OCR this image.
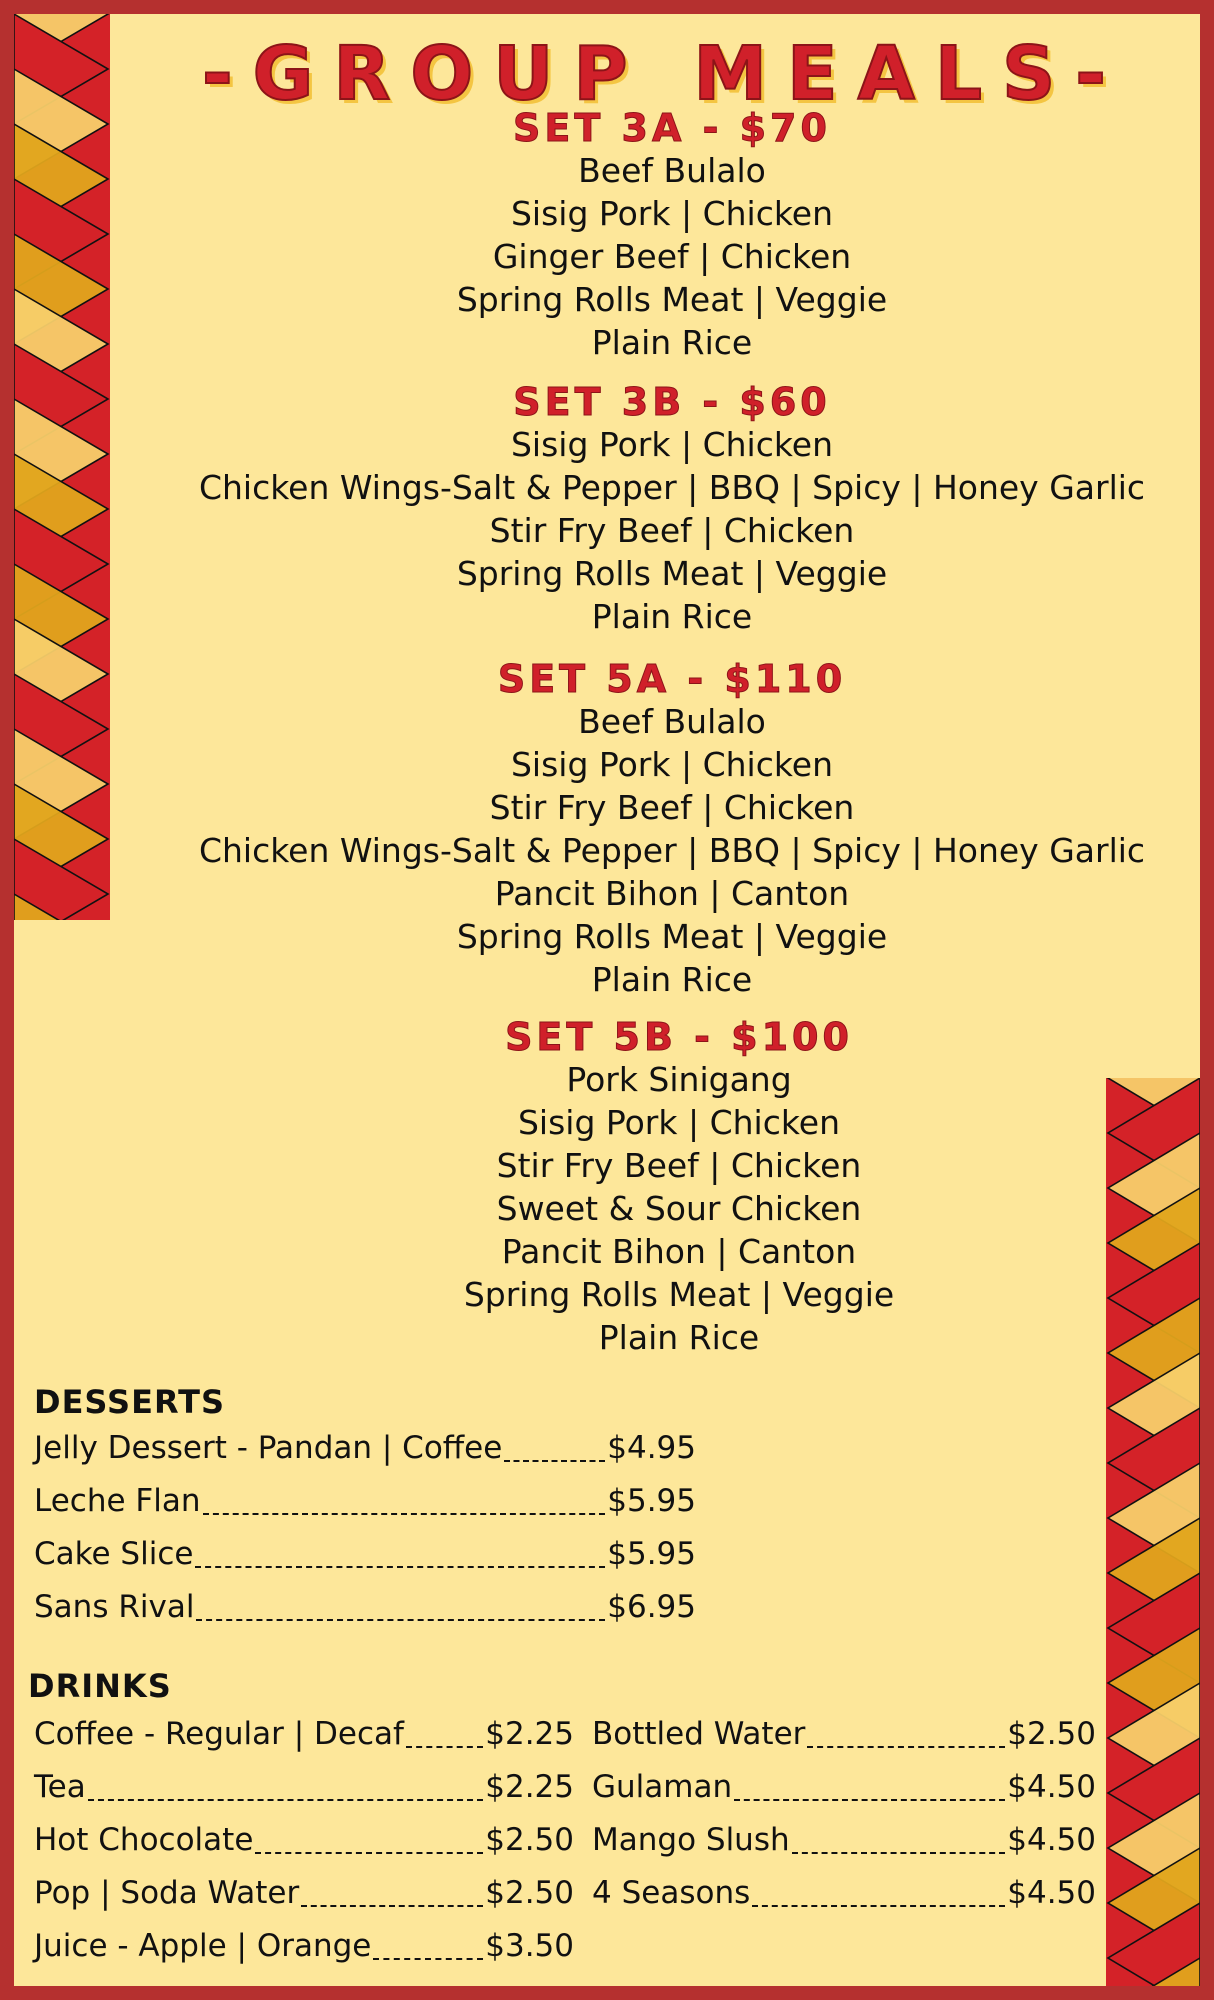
-GROUP MEALS-
SET 3A - $70
Beef Bulalo
Sisig Pork | Chicken
Ginger Beef | Chicken
Spring Rolls Meat | Veggie
Plain Rice
SET 3B - $60
Sisig Pork | Chicken
Chicken Wings-Salt & Pepper | BBQ | Spicy | Honey Garlic
Stir Fry Beef | Chicken
Spring Rolls Meat | Veggie
Plain Rice
SET 5A - $110
Beef Bulalo
Sisig Pork | Chicken
Stir Fry Beef | Chicken
Chicken Wings-Salt & Pepper | BBQ | Spicy | Honey Garlic
Pancit Bihon | Canton
Spring Rolls Meat | Veggie
Plain Rice
SET 5B - $100
Pork Sinigang
Sisig Pork | Chicken
Stir Fry Beef | Chicken
Sweet & Sour Chicken
Pancit Bihon | Canton
Spring Rolls Meat | Veggie
Plain Rice
DESSERTS
Jelly Dessert - Pandan | Coffee	$4.95
Leche Flan	$5.95
Cake Slice	$5.95
Sans Rival	$6.95
DRINKS
Coffee - Regular | Decaf	$2.25
Tea	$2.25
Hot Chocolate	$2.50
Pop | Soda Water	$2.50
Juice - Apple | Orange	$3.50
Bottled Water	$2.50
Gulaman	$4.50
Mango Slush	$4.50
4 Seasons	$4.50
